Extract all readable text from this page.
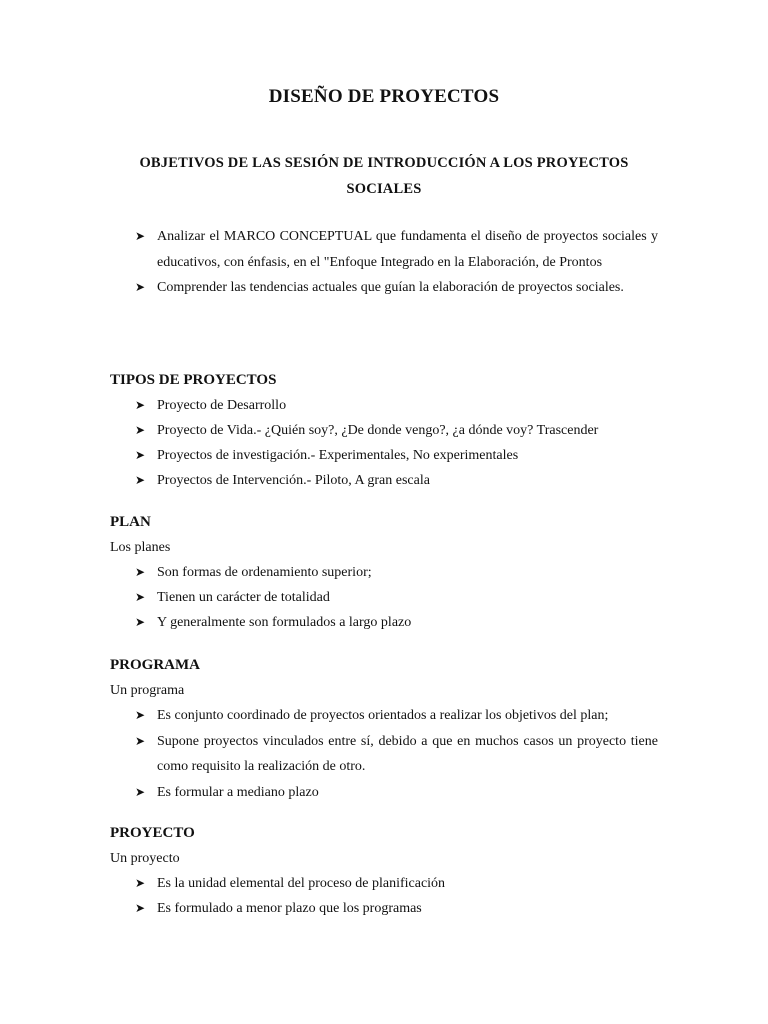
DISEÑO DE PROYECTOS
OBJETIVOS DE LAS SESIÓN DE INTRODUCCIÓN A LOS PROYECTOS SOCIALES
➤ Analizar el MARCO CONCEPTUAL que fundamenta el diseño de proyectos sociales y educativos, con énfasis, en el "Enfoque Integrado en la Elaboración, de Prontos
➤ Comprender las tendencias actuales que guían la elaboración de proyectos sociales.

TIPOS DE PROYECTOS

➤ Proyecto de Desarrollo
➤ Proyecto de Vida.- ¿Quién soy?, ¿De donde vengo?, ¿a dónde voy? Trascender
➤ Proyectos de investigación.- Experimentales, No experimentales
➤ Proyectos de Intervención.- Piloto, A gran escala

PLAN

Los planes

➤ Son formas de ordenamiento superior;
➤ Tienen un carácter de totalidad
➤ Y generalmente son formulados a largo plazo

PROGRAMA

Un programa

➤ Es conjunto coordinado de proyectos orientados a realizar los objetivos del plan;
➤ Supone proyectos vinculados entre sí, debido a que en muchos casos un proyecto tiene como requisito la realización de otro.
➤ Es formular a mediano plazo

PROYECTO

Un proyecto

➤ Es la unidad elemental del proceso de planificación
➤ Es formulado a menor plazo que los programas
